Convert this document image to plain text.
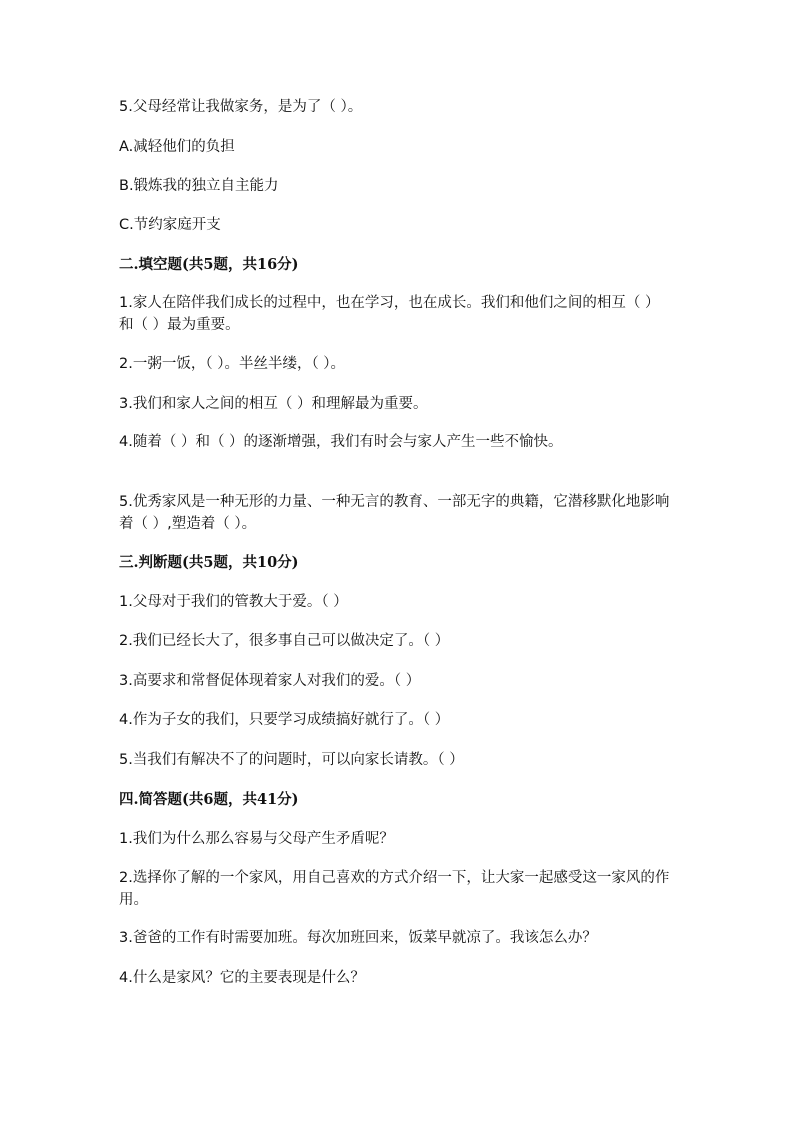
5.父母经常让我做家务，是为了（ ）。
A.减轻他们的负担
B.锻炼我的独立自主能力
C.节约家庭开支
二.填空题(共5题，共16分)
1.家人在陪伴我们成长的过程中，也在学习，也在成长。我们和他们之间的相互（ ）和（ ）最为重要。
2.一粥一饭，（ ）。半丝半缕，（ ）。
3.我们和家人之间的相互（ ）和理解最为重要。
4.随着（ ）和（ ）的逐渐增强，我们有时会与家人产生一些不愉快。
5.优秀家风是一种无形的力量、一种无言的教育、一部无字的典籍，它潜移默化地影响着（ ）,塑造着（ ）。
三.判断题(共5题，共10分)
1.父母对于我们的管教大于爱。（ ）
2.我们已经长大了，很多事自己可以做决定了。（ ）
3.高要求和常督促体现着家人对我们的爱。（ ）
4.作为子女的我们，只要学习成绩搞好就行了。（ ）
5.当我们有解决不了的问题时，可以向家长请教。（ ）
四.简答题(共6题，共41分)
1.我们为什么那么容易与父母产生矛盾呢？
2.选择你了解的一个家风，用自己喜欢的方式介绍一下，让大家一起感受这一家风的作用。
3.爸爸的工作有时需要加班。每次加班回来，饭菜早就凉了。我该怎么办？
4.什么是家风？它的主要表现是什么？
